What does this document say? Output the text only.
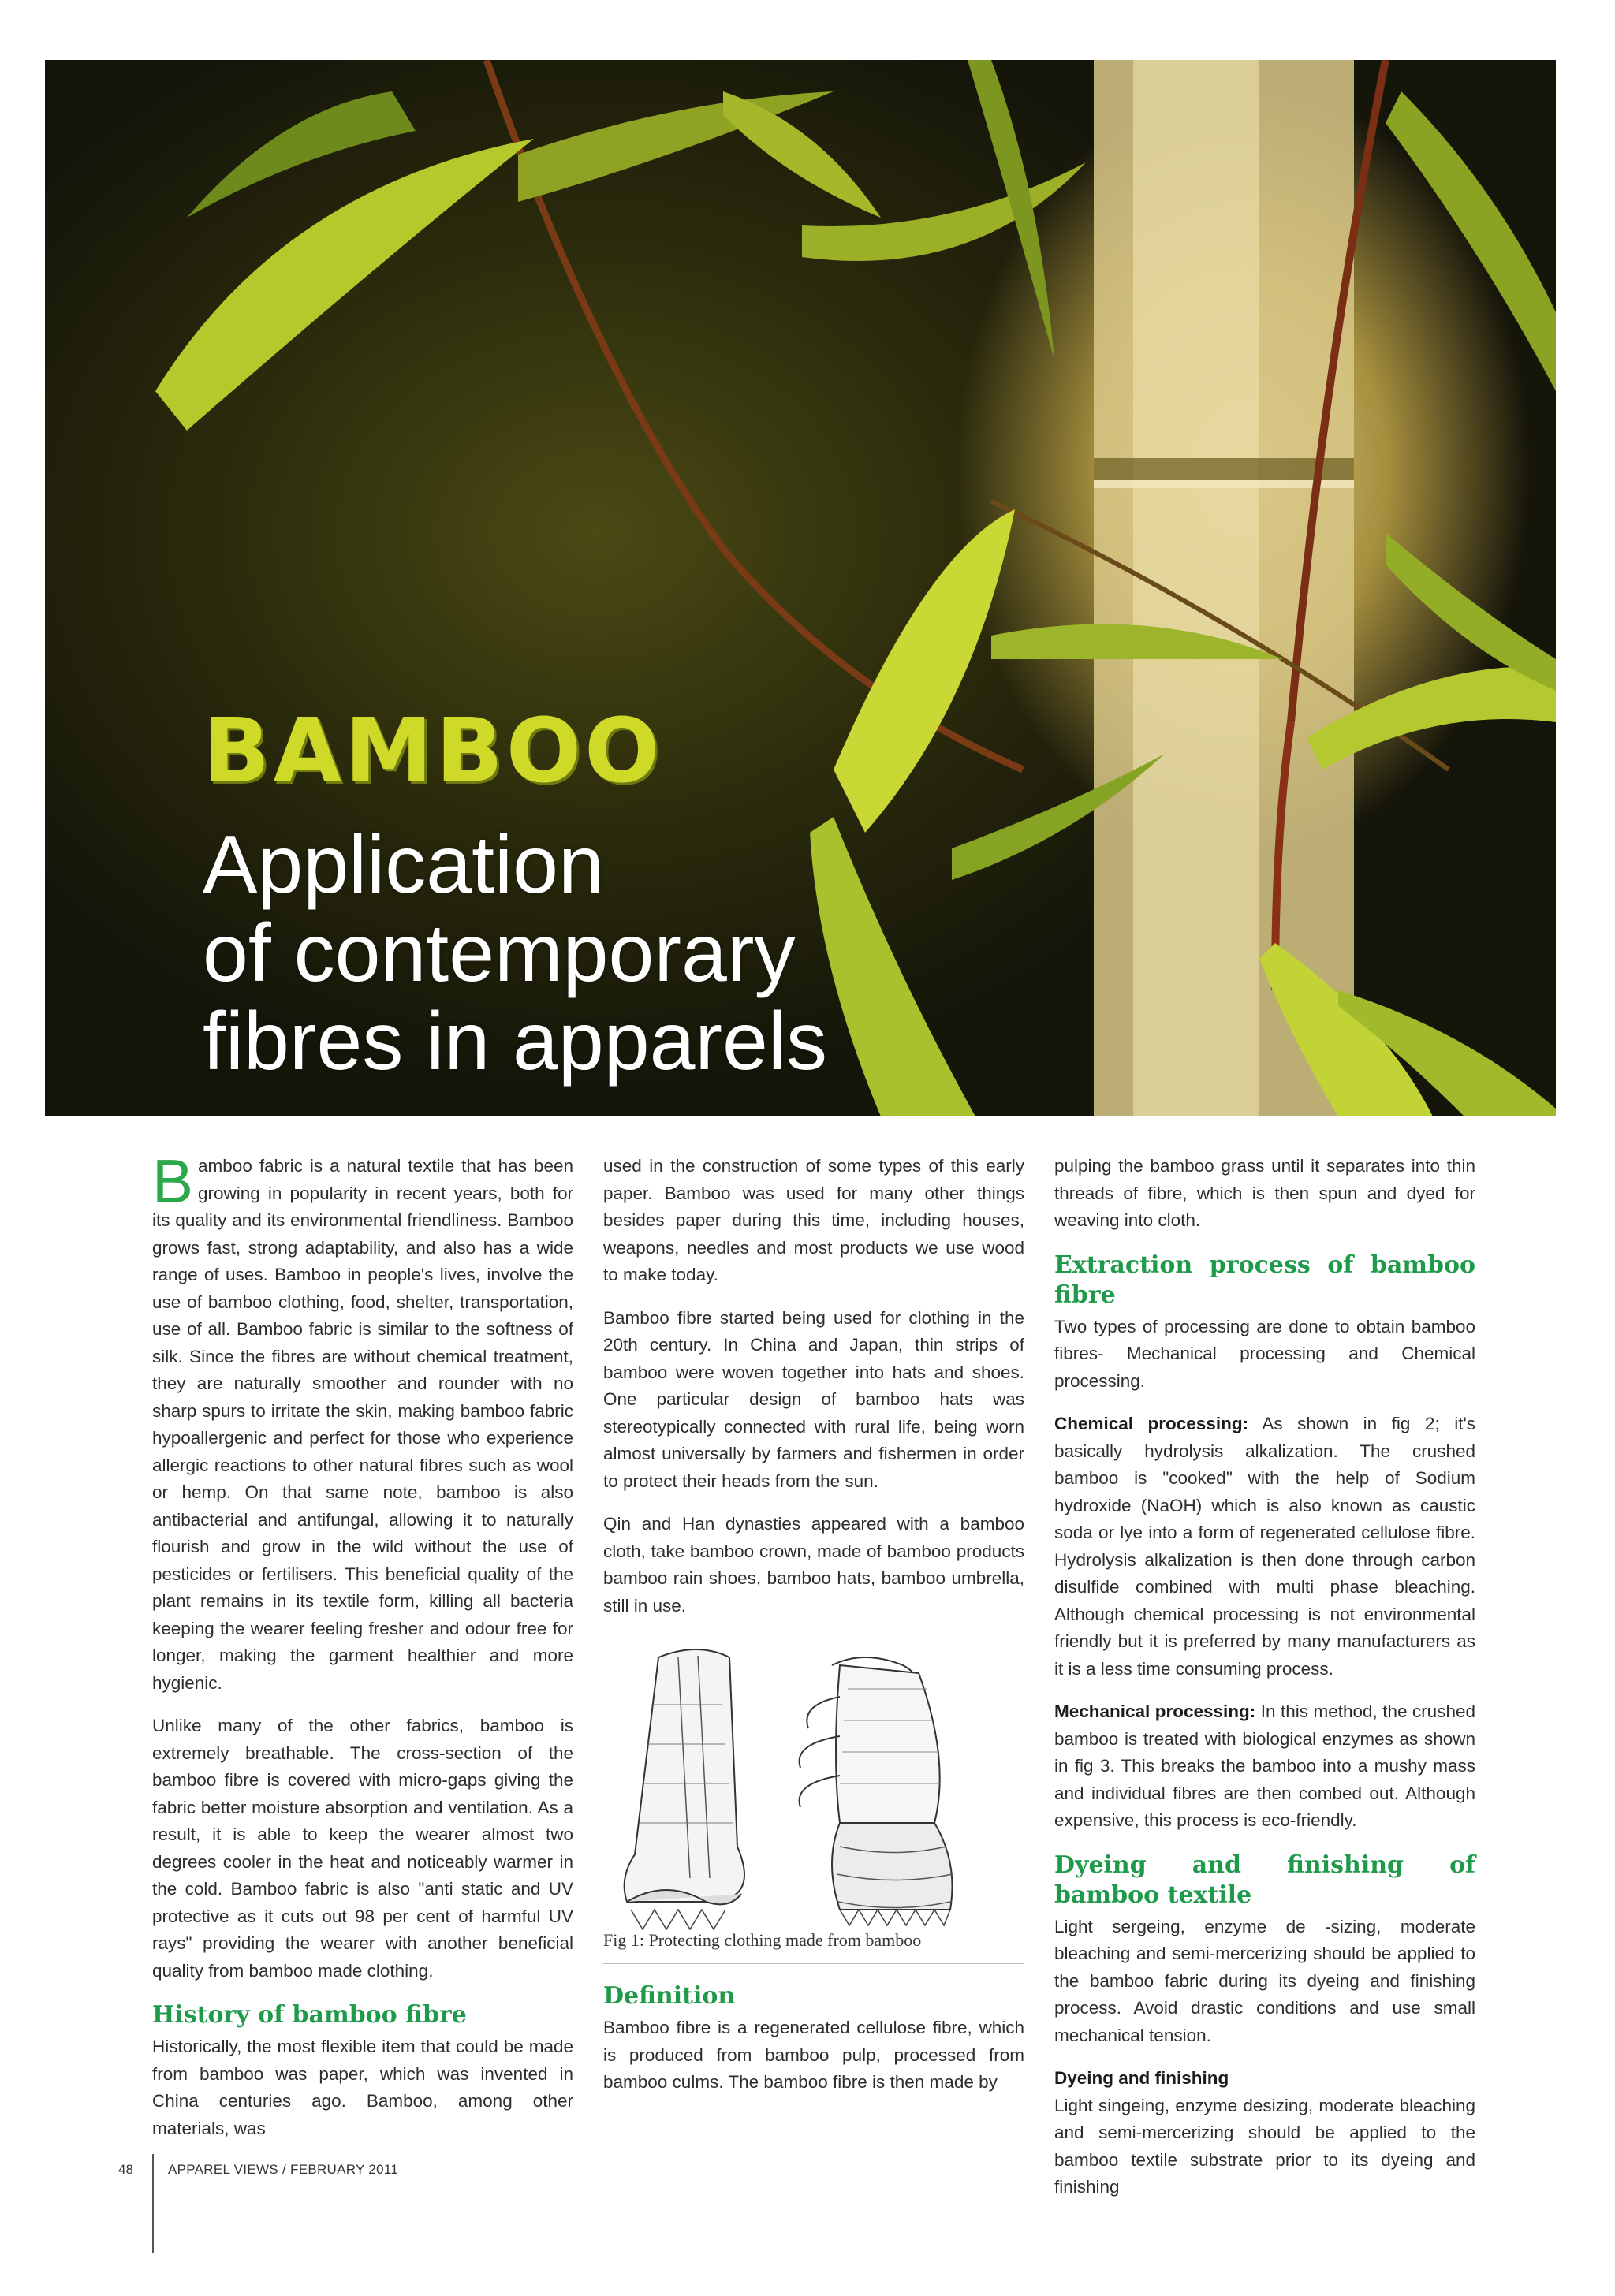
BAMBOO
Application
of contemporary
fibres in apparels

Bamboo fabric is a natural textile that has been growing in popularity in recent years, both for its quality and its environmental friendliness. Bamboo grows fast, strong adaptability, and also has a wide range of uses. Bamboo in people's lives, involve the use of bamboo clothing, food, shelter, transportation, use of all. Bamboo fabric is similar to the softness of silk. Since the fibres are without chemical treatment, they are naturally smoother and rounder with no sharp spurs to irritate the skin, making bamboo fabric hypoallergenic and perfect for those who experience allergic reactions to other natural fibres such as wool or hemp. On that same note, bamboo is also antibacterial and antifungal, allowing it to naturally flourish and grow in the wild without the use of pesticides or fertilisers. This beneficial quality of the plant remains in its textile form, killing all bacteria keeping the wearer feeling fresher and odour free for longer, making the garment healthier and more hygienic.

Unlike many of the other fabrics, bamboo is extremely breathable. The cross-section of the bamboo fibre is covered with micro-gaps giving the fabric better moisture absorption and ventilation. As a result, it is able to keep the wearer almost two degrees cooler in the heat and noticeably warmer in the cold. Bamboo fabric is also "anti static and UV protective as it cuts out 98 per cent of harmful UV rays" providing the wearer with another beneficial quality from bamboo made clothing.

History of bamboo fibre

Historically, the most flexible item that could be made from bamboo was paper, which was invented in China centuries ago. Bamboo, among other materials, was

used in the construction of some types of this early paper. Bamboo was used for many other things besides paper during this time, including houses, weapons, needles and most products we use wood to make today.

Bamboo fibre started being used for clothing in the 20th century. In China and Japan, thin strips of bamboo were woven together into hats and shoes. One particular design of bamboo hats was stereotypically connected with rural life, being worn almost universally by farmers and fishermen in order to protect their heads from the sun.

Qin and Han dynasties appeared with a bamboo cloth, take bamboo crown, made of bamboo products bamboo rain shoes, bamboo hats, bamboo umbrella, still in use.

Fig 1: Protecting clothing made from bamboo
Definition

Bamboo fibre is a regenerated cellulose fibre, which is produced from bamboo pulp, processed from bamboo culms. The bamboo fibre is then made by

pulping the bamboo grass until it separates into thin threads of fibre, which is then spun and dyed for weaving into cloth.

Extraction process of bamboo fibre

Two types of processing are done to obtain bamboo fibres- Mechanical processing and Chemical processing.

Chemical processing: As shown in fig 2; it's basically hydrolysis alkalization. The crushed bamboo is "cooked" with the help of Sodium hydroxide (NaOH) which is also known as caustic soda or lye into a form of regenerated cellulose fibre. Hydrolysis alkalization is then done through carbon disulfide combined with multi phase bleaching. Although chemical processing is not environmental friendly but it is preferred by many manufacturers as it is a less time consuming process.

Mechanical processing: In this method, the crushed bamboo is treated with biological enzymes as shown in fig 3. This breaks the bamboo into a mushy mass and individual fibres are then combed out. Although expensive, this process is eco-friendly.

Dyeing and finishing of bamboo textile

Light sergeing, enzyme de -sizing, moderate bleaching and semi-mercerizing should be applied to the bamboo fabric during its dyeing and finishing process. Avoid drastic conditions and use small mechanical tension.

Dyeing and finishing

Light singeing, enzyme desizing, moderate bleaching and semi-mercerizing should be applied to the bamboo textile substrate prior to its dyeing and finishing

48	APPAREL VIEWS / FEBRUARY 2011
